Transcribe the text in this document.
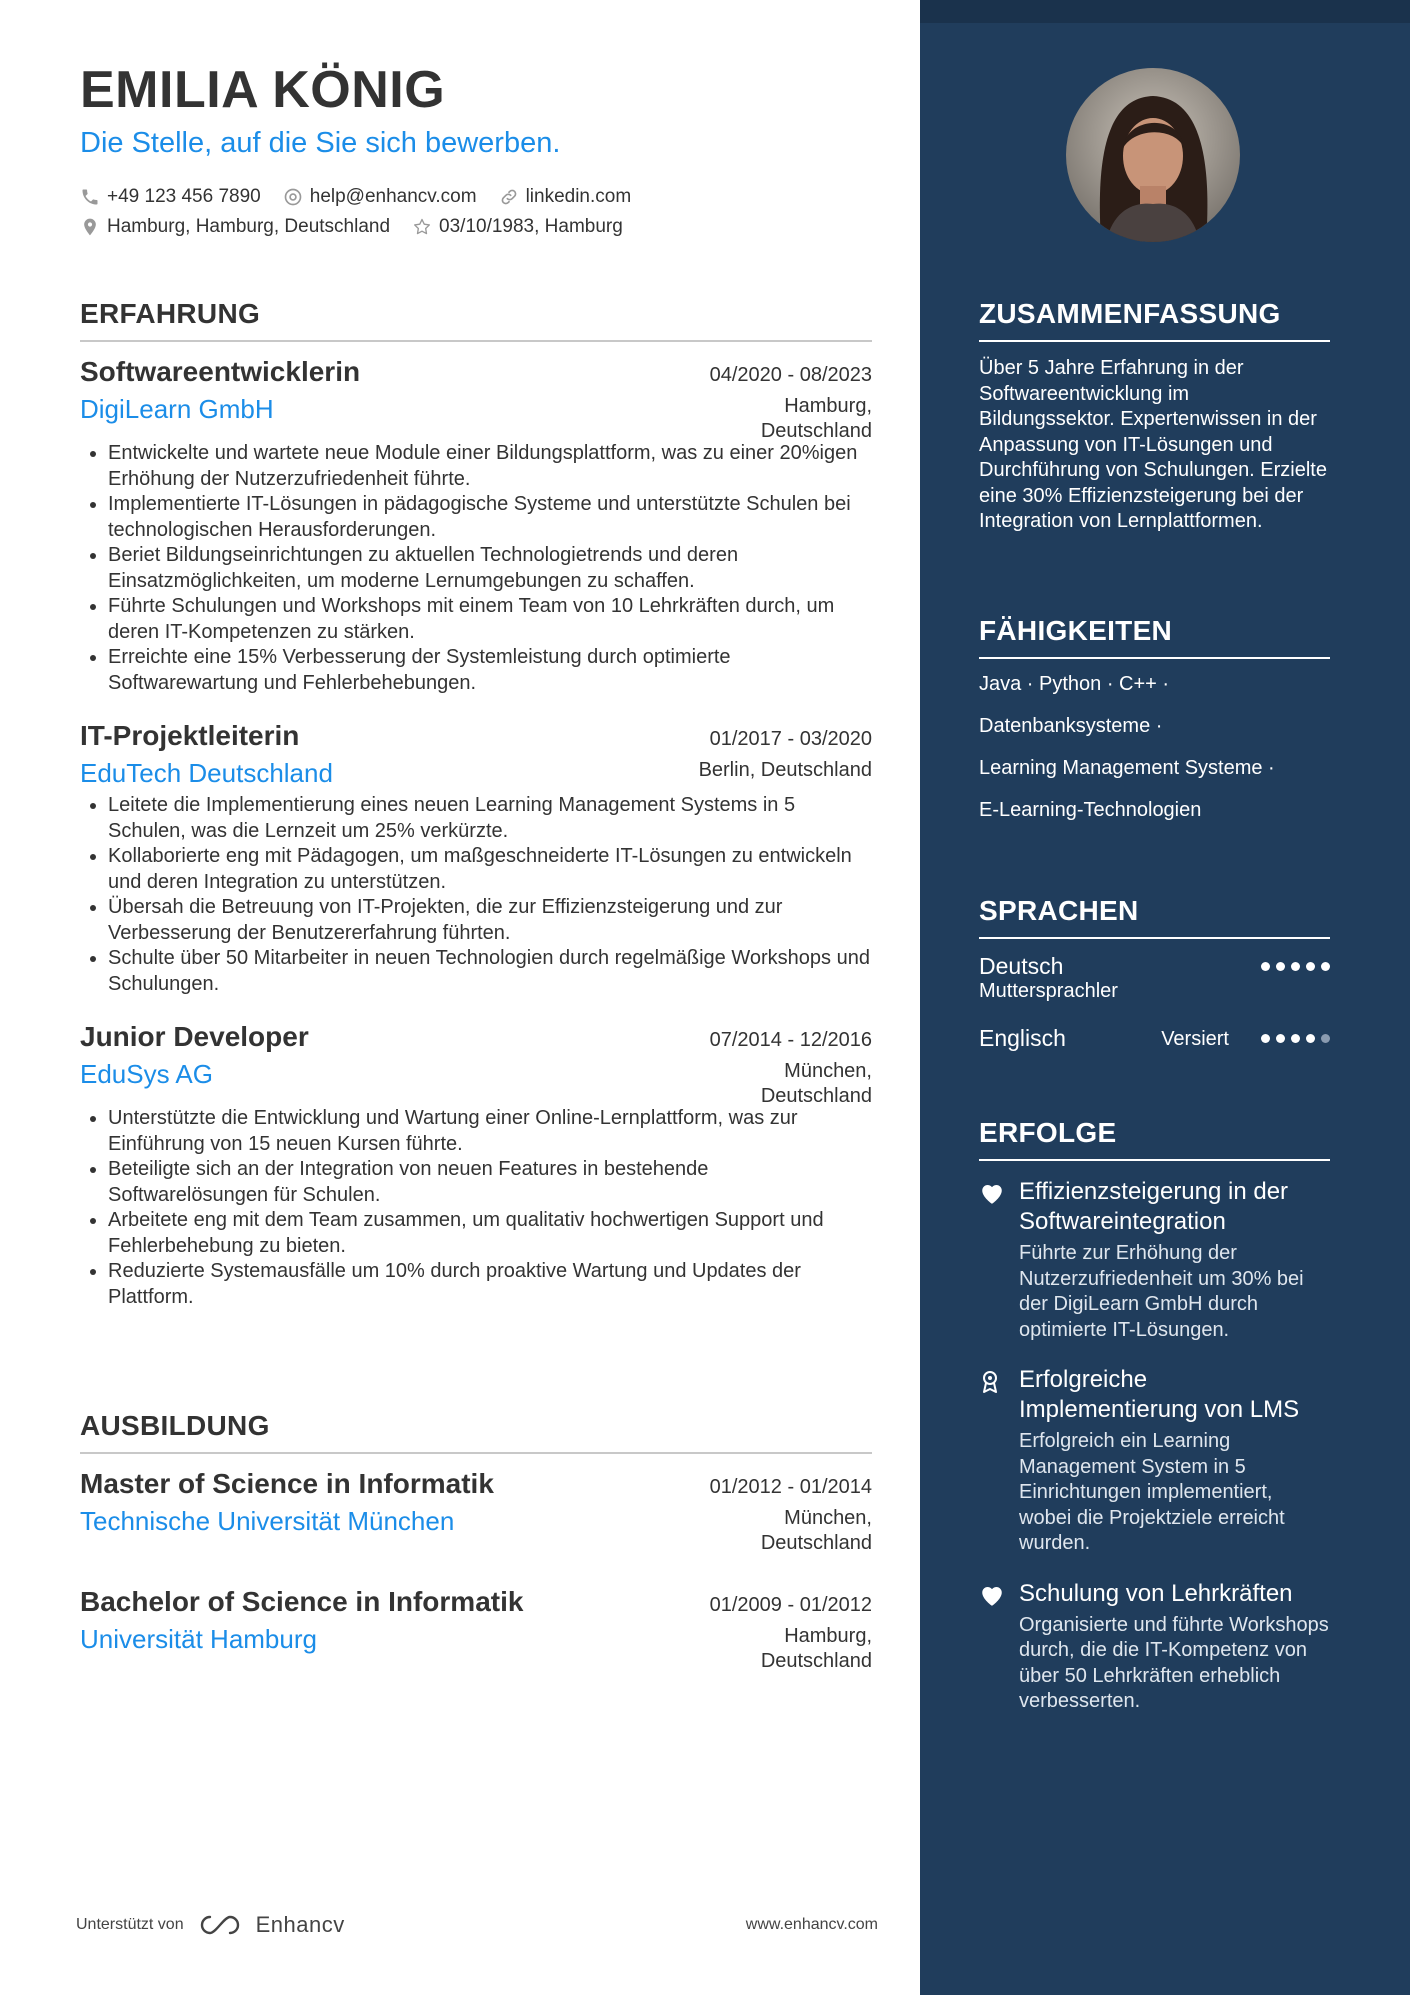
EMILIA KÖNIG
Die Stelle, auf die Sie sich bewerben.
+49 123 456 7890	help@enhancv.com	linkedin.com
Hamburg, Hamburg, Deutschland	03/10/1983, Hamburg
ERFAHRUNG
Softwareentwicklerin	04/2020 - 08/2023
DigiLearn GmbH	Hamburg, Deutschland
• Entwickelte und wartete neue Module einer Bildungsplattform, was zu einer 20%igen Erhöhung der Nutzerzufriedenheit führte.
• Implementierte IT-Lösungen in pädagogische Systeme und unterstützte Schulen bei technologischen Herausforderungen.
• Beriet Bildungseinrichtungen zu aktuellen Technologietrends und deren Einsatzmöglichkeiten, um moderne Lernumgebungen zu schaffen.
• Führte Schulungen und Workshops mit einem Team von 10 Lehrkräften durch, um deren IT-Kompetenzen zu stärken.
• Erreichte eine 15% Verbesserung der Systemleistung durch optimierte Softwarewartung und Fehlerbehebungen.
IT-Projektleiterin	01/2017 - 03/2020
EduTech Deutschland	Berlin, Deutschland
• Leitete die Implementierung eines neuen Learning Management Systems in 5 Schulen, was die Lernzeit um 25% verkürzte.
• Kollaborierte eng mit Pädagogen, um maßgeschneiderte IT-Lösungen zu entwickeln und deren Integration zu unterstützen.
• Übersah die Betreuung von IT-Projekten, die zur Effizienzsteigerung und zur Verbesserung der Benutzererfahrung führten.
• Schulte über 50 Mitarbeiter in neuen Technologien durch regelmäßige Workshops und Schulungen.
Junior Developer	07/2014 - 12/2016
EduSys AG	München, Deutschland
• Unterstützte die Entwicklung und Wartung einer Online-Lernplattform, was zur Einführung von 15 neuen Kursen führte.
• Beteiligte sich an der Integration von neuen Features in bestehende Softwarelösungen für Schulen.
• Arbeitete eng mit dem Team zusammen, um qualitativ hochwertigen Support und Fehlerbehebung zu bieten.
• Reduzierte Systemausfälle um 10% durch proaktive Wartung und Updates der Plattform.
AUSBILDUNG
Master of Science in Informatik	01/2012 - 01/2014
Technische Universität München	München, Deutschland
Bachelor of Science in Informatik	01/2009 - 01/2012
Universität Hamburg	Hamburg, Deutschland
ZUSAMMENFASSUNG
Über 5 Jahre Erfahrung in der Softwareentwicklung im Bildungssektor. Expertenwissen in der Anpassung von IT-Lösungen und Durchführung von Schulungen. Erzielte eine 30% Effizienzsteigerung bei der Integration von Lernplattformen.
FÄHIGKEITEN
Java · Python · C++ ·
Datenbanksysteme ·
Learning Management Systeme ·
E-Learning-Technologien
SPRACHEN
Deutsch
Muttersprachler
Englisch	Versiert
ERFOLGE
Effizienzsteigerung in der Softwareintegration
Führte zur Erhöhung der Nutzerzufriedenheit um 30% bei der DigiLearn GmbH durch optimierte IT-Lösungen.
Erfolgreiche Implementierung von LMS
Erfolgreich ein Learning Management System in 5 Einrichtungen implementiert, wobei die Projektziele erreicht wurden.
Schulung von Lehrkräften
Organisierte und führte Workshops durch, die die IT-Kompetenz von über 50 Lehrkräften erheblich verbesserten.
Unterstützt von	Enhancv	www.enhancv.com
